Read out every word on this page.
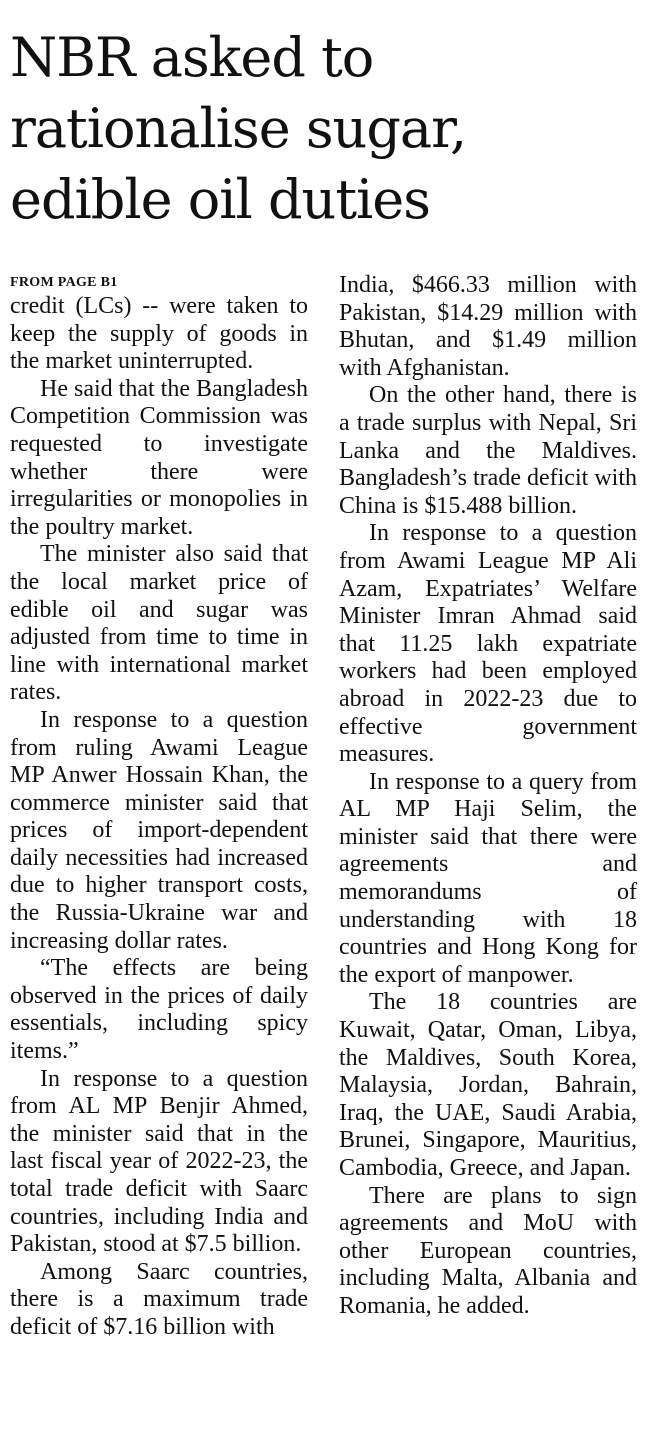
NBR asked to
rationalise sugar,
edible oil duties

FROM PAGE B1

credit (LCs) -- were taken to keep the supply of goods in the market uninterrupted.

He said that the Bangladesh Competition Commission was requested to investigate whether there were irregularities or monopolies in the poultry market.

The minister also said that the local market price of edible oil and sugar was adjusted from time to time in line with international market rates.

In response to a question from ruling Awami League MP Anwer Hossain Khan, the commerce minister said that prices of import-dependent daily necessities had increased due to higher transport costs, the Russia-Ukraine war and increasing dollar rates.

“The effects are being observed in the prices of daily essentials, including spicy items.”

In response to a question from AL MP Benjir Ahmed, the minister said that in the last fiscal year of 2022-23, the total trade deficit with Saarc countries, including India and Pakistan, stood at $7.5 billion.

Among Saarc countries, there is a maximum trade deficit of $7.16 billion with

India, $466.33 million with Pakistan, $14.29 million with Bhutan, and $1.49 million with Afghanistan.

On the other hand, there is a trade surplus with Nepal, Sri Lanka and the Maldives. Bangladesh’s trade deficit with China is $15.488 billion.

In response to a question from Awami League MP Ali Azam, Expatriates’ Welfare Minister Imran Ahmad said that 11.25 lakh expatriate workers had been employed abroad in 2022-23 due to effective government measures.

In response to a query from AL MP Haji Selim, the minister said that there were agreements and memorandums of understanding with 18 countries and Hong Kong for the export of manpower.

The 18 countries are Kuwait, Qatar, Oman, Libya, the Maldives, South Korea, Malaysia, Jordan, Bahrain, Iraq, the UAE, Saudi Arabia, Brunei, Singapore, Mauritius, Cambodia, Greece, and Japan.

There are plans to sign agreements and MoU with other European countries, including Malta, Albania and Romania, he added.
